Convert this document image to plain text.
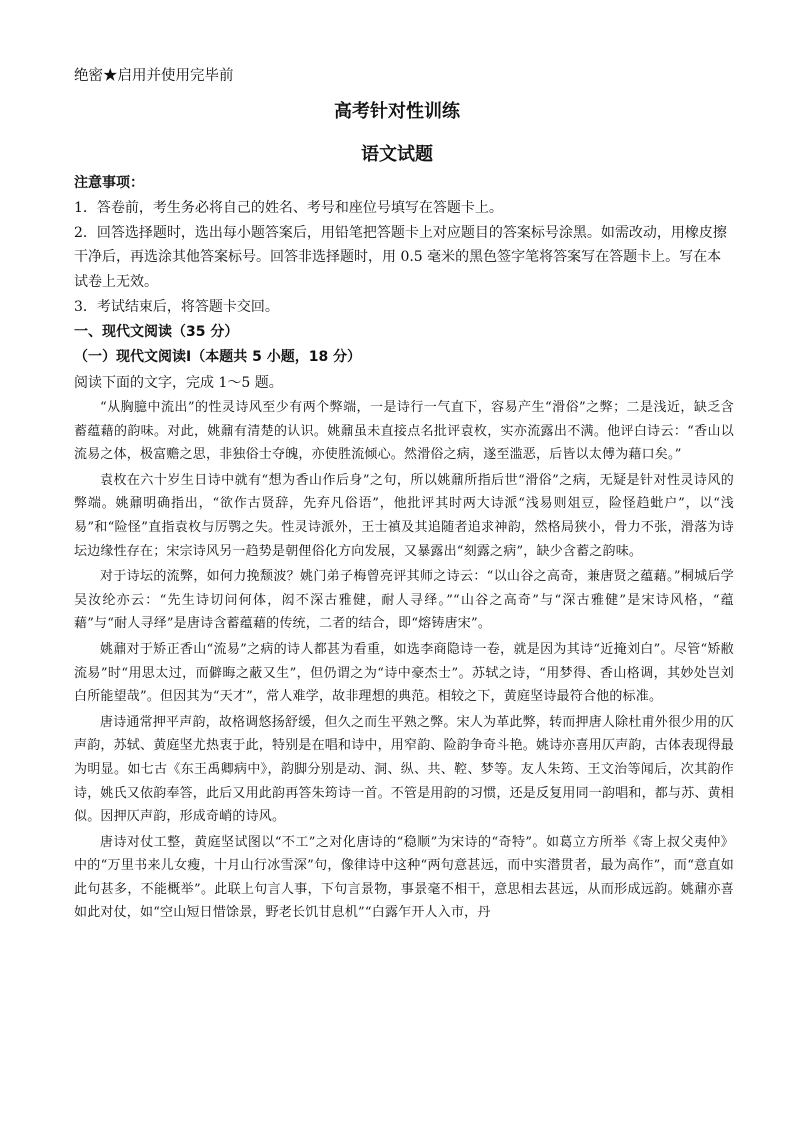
绝密★启用并使用完毕前
高考针对性训练
语文试题
注意事项：

1．答卷前，考生务必将自己的姓名、考号和座位号填写在答题卡上。

2．回答选择题时，选出每小题答案后，用铅笔把答题卡上对应题目的答案标号涂黑。如需改动，用橡皮擦干净后，再选涂其他答案标号。回答非选择题时，用 0.5 毫米的黑色签字笔将答案写在答题卡上。写在本试卷上无效。

3．考试结束后，将答题卡交回。

一、现代文阅读（35 分）
（一）现代文阅读Ⅰ（本题共 5 小题，18 分）
阅读下面的文字，完成 1～5 题。

“从胸臆中流出”的性灵诗风至少有两个弊端，一是诗行一气直下，容易产生“滑俗”之弊；二是浅近，缺乏含蓄蕴藉的韵味。对此，姚鼐有清楚的认识。姚鼐虽未直接点名批评袁枚，实亦流露出不满。他评白诗云：“香山以流易之体，极富赡之思，非独俗士夺魄，亦使胜流倾心。然滑俗之病，遂至滥恶，后皆以太傅为藉口矣。”

袁枚在六十岁生日诗中就有“想为香山作后身”之句，所以姚鼐所指后世“滑俗”之病，无疑是针对性灵诗风的弊端。姚鼐明确指出，“欲作古贤辞，先弃凡俗语”，他批评其时两大诗派“浅易则俎豆，险怪趋蚍户”，以“浅易”和“险怪”直指袁枚与厉鹗之失。性灵诗派外，王士禛及其追随者追求神韵，然格局狭小，骨力不张，滑落为诗坛边缘性存在；宋宗诗风另一趋势是朝俚俗化方向发展，又暴露出“刻露之病”，缺少含蓄之韵味。

对于诗坛的流弊，如何力挽颓波？姚门弟子梅曾亮评其师之诗云：“以山谷之高奇，兼唐贤之蕴藉。”桐城后学吴汝纶亦云：“先生诗切问何体，闳不深古雅健，耐人寻绎。”“山谷之高奇”与“深古雅健”是宋诗风格，“蕴藉”与“耐人寻绎”是唐诗含蓄蕴藉的传统，二者的结合，即“熔铸唐宋”。

姚鼐对于矫正香山“流易”之病的诗人都甚为看重，如选李商隐诗一卷，就是因为其诗“近掩刘白”。尽管“矫敝流易”时“用思太过，而僻晦之蔽又生”，但仍谓之为“诗中豪杰士”。苏轼之诗，“用梦得、香山格调，其妙处岂刘白所能望哉”。但因其为“天才”，常人难学，故非理想的典范。相较之下，黄庭坚诗最符合他的标准。

唐诗通常押平声韵，故格调悠扬舒缓，但久之而生平熟之弊。宋人为革此弊，转而押唐人除杜甫外很少用的仄声韵，苏轼、黄庭坚尤热衷于此，特别是在唱和诗中，用窄韵、险韵争奇斗艳。姚诗亦喜用仄声韵，古体表现得最为明显。如七古《东王禹卿病中》，韵脚分别是动、洞、纵、共、鞚、梦等。友人朱筠、王文治等闻后，次其韵作诗，姚氏又依韵奉答，此后又用此韵再答朱筠诗一首。不管是用韵的习惯，还是反复用同一韵唱和，都与苏、黄相似。因押仄声韵，形成奇峭的诗风。

唐诗对仗工整，黄庭坚试图以“不工”之对化唐诗的“稳顺”为宋诗的“奇特”。如葛立方所举《寄上叔父夷仲》中的“万里书来儿女瘦，十月山行冰雪深”句，像律诗中这种“两句意甚远，而中实潜贯者，最为高作”，而“意直如此句甚多，不能概举”。此联上句言人事，下句言景物，事景毫不相干，意思相去甚远，从而形成远韵。姚鼐亦喜如此对仗，如“空山短日惜馀景，野老长饥甘息机”“白露乍开人入市，丹
